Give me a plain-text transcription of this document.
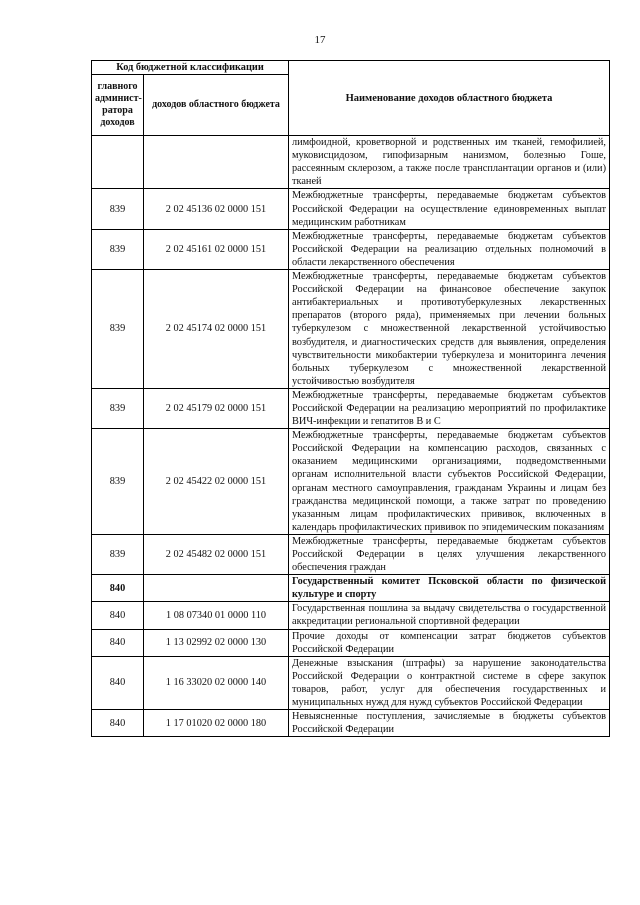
17
Код бюджетной классификации		Наименование доходов областного бюджета
главного админист-ратора доходов	доходов областного бюджета	
		лимфоидной, кроветворной и родственных им тканей, гемофилией, муковисцидозом, гипофизарным нанизмом, болезнью Гоше, рассеянным склерозом, а также после трансплантации органов и (или) тканей
839	2 02 45136 02 0000 151	Межбюджетные трансферты, передаваемые бюджетам субъектов Российской Федерации на осуществление единовременных выплат медицинским работникам
839	2 02 45161 02 0000 151	Межбюджетные трансферты, передаваемые бюджетам субъектов Российской Федерации на реализацию отдельных полномочий в области лекарственного обеспечения
839	2 02 45174 02 0000 151	Межбюджетные трансферты, передаваемые бюджетам субъектов Российской Федерации на финансовое обеспечение закупок антибактериальных и противотуберкулезных лекарственных препаратов (второго ряда), применяемых при лечении больных туберкулезом с множественной лекарственной устойчивостью возбудителя, и диагностических средств для выявления, определения чувствительности микобактерии туберкулеза и мониторинга лечения больных туберкулезом с множественной лекарственной устойчивостью возбудителя
839	2 02 45179 02 0000 151	Межбюджетные трансферты, передаваемые бюджетам субъектов Российской Федерации на реализацию мероприятий по профилактике ВИЧ-инфекции и гепатитов В и С
839	2 02 45422 02 0000 151	Межбюджетные трансферты, передаваемые бюджетам субъектов Российской Федерации на компенсацию расходов, связанных с оказанием медицинскими организациями, подведомственными органам исполнительной власти субъектов Российской Федерации, органам местного самоуправления, гражданам Украины и лицам без гражданства медицинской помощи, а также затрат по проведению указанным лицам профилактических прививок, включенных в календарь профилактических прививок по эпидемическим показаниям
839	2 02 45482 02 0000 151	Межбюджетные трансферты, передаваемые бюджетам субъектов Российской Федерации в целях улучшения лекарственного обеспечения граждан
840		Государственный комитет Псковской области по физической культуре и спорту
840	1 08 07340 01 0000 110	Государственная пошлина за выдачу свидетельства о государственной аккредитации региональной спортивной федерации
840	1 13 02992 02 0000 130	Прочие доходы от компенсации затрат бюджетов субъектов Российской Федерации
840	1 16 33020 02 0000 140	Денежные взыскания (штрафы) за нарушение законодательства Российской Федерации о контрактной системе в сфере закупок товаров, работ, услуг для обеспечения государственных и муниципальных нужд для нужд субъектов Российской Федерации
840	1 17 01020 02 0000 180	Невыясненные поступления, зачисляемые в бюджеты субъектов Российской Федерации
